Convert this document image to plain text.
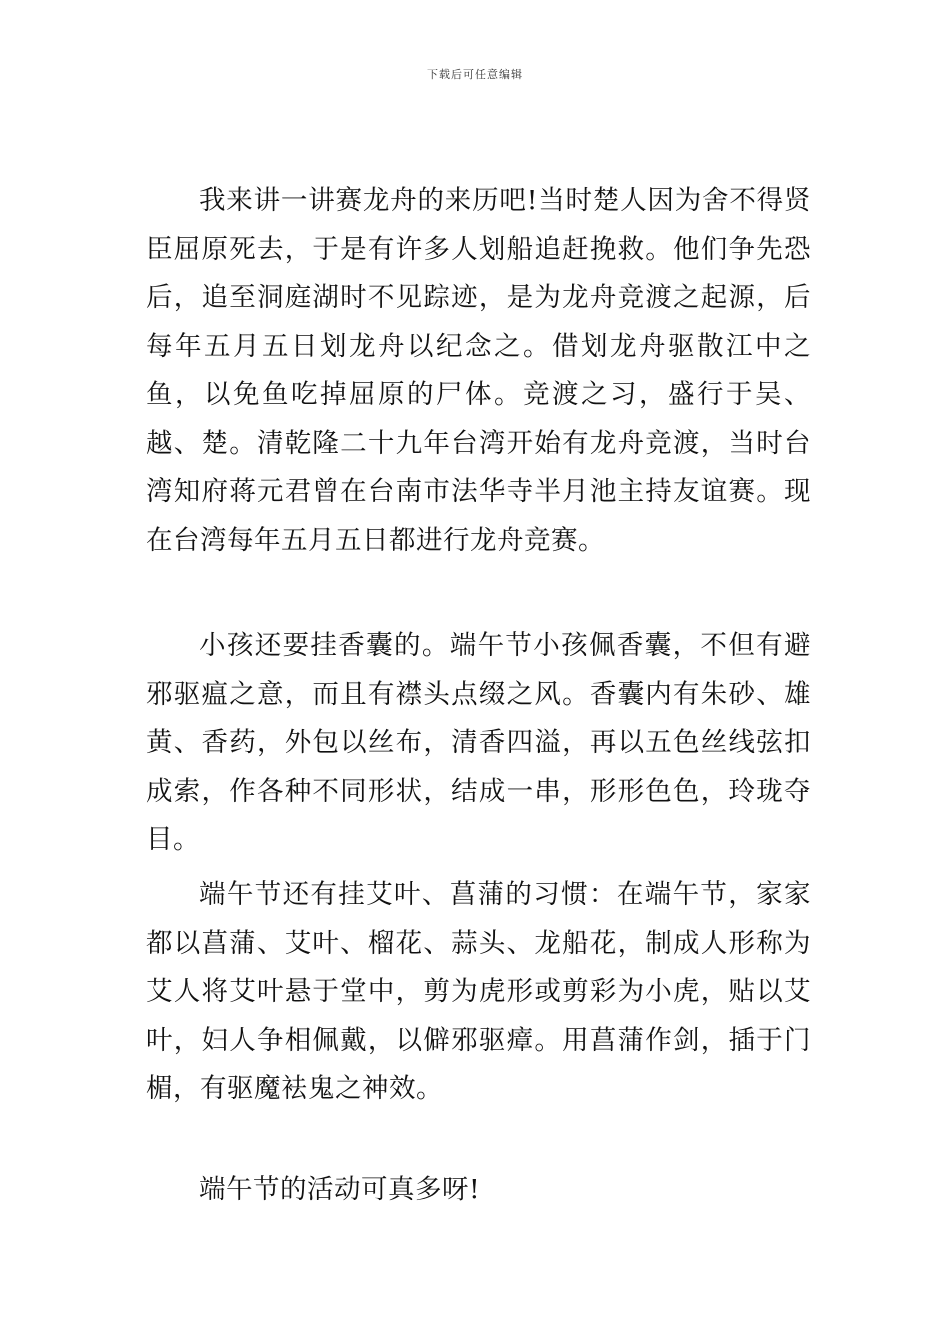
下载后可任意编辑

我来讲一讲赛龙舟的来历吧!当时楚人因为舍不得贤臣屈原死去，于是有许多人划船追赶挽救。他们争先恐后，追至洞庭湖时不见踪迹，是为龙舟竞渡之起源，后每年五月五日划龙舟以纪念之。借划龙舟驱散江中之鱼，以免鱼吃掉屈原的尸体。竞渡之习，盛行于吴、越、楚。清乾隆二十九年台湾开始有龙舟竞渡，当时台湾知府蒋元君曾在台南市法华寺半月池主持友谊赛。现在台湾每年五月五日都进行龙舟竞赛。

小孩还要挂香囊的。端午节小孩佩香囊，不但有避邪驱瘟之意，而且有襟头点缀之风。香囊内有朱砂、雄黄、香药，外包以丝布，清香四溢，再以五色丝线弦扣成索，作各种不同形状，结成一串，形形色色，玲珑夺目。

端午节还有挂艾叶、菖蒲的习惯：在端午节，家家都以菖蒲、艾叶、榴花、蒜头、龙船花，制成人形称为艾人将艾叶悬于堂中，剪为虎形或剪彩为小虎，贴以艾叶，妇人争相佩戴，以僻邪驱瘴。用菖蒲作剑，插于门楣，有驱魔袪鬼之神效。

端午节的活动可真多呀!
